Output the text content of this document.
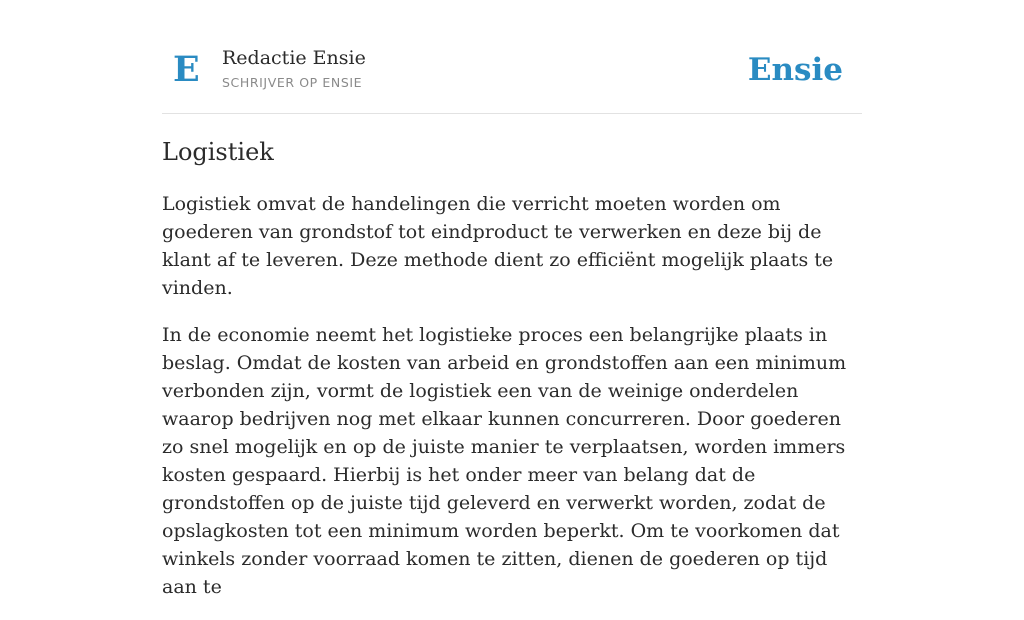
E Redactie Ensie
SCHRIJVER OP ENSIE	Ensie
Logistiek

Logistiek omvat de handelingen die verricht moeten worden om goederen van grondstof tot eindproduct te verwerken en deze bij de klant af te leveren. Deze methode dient zo efficiënt mogelijk plaats te vinden.

In de economie neemt het logistieke proces een belangrijke plaats in beslag. Omdat de kosten van arbeid en grondstoffen aan een minimum verbonden zijn, vormt de logistiek een van de weinige onderdelen waarop bedrijven nog met elkaar kunnen concurreren. Door goederen zo snel mogelijk en op de juiste manier te verplaatsen, worden immers kosten gespaard. Hierbij is het onder meer van belang dat de grondstoffen op de juiste tijd geleverd en verwerkt worden, zodat de opslagkosten tot een minimum worden beperkt. Om te voorkomen dat winkels zonder voorraad komen te zitten, dienen de goederen op tijd aan te
